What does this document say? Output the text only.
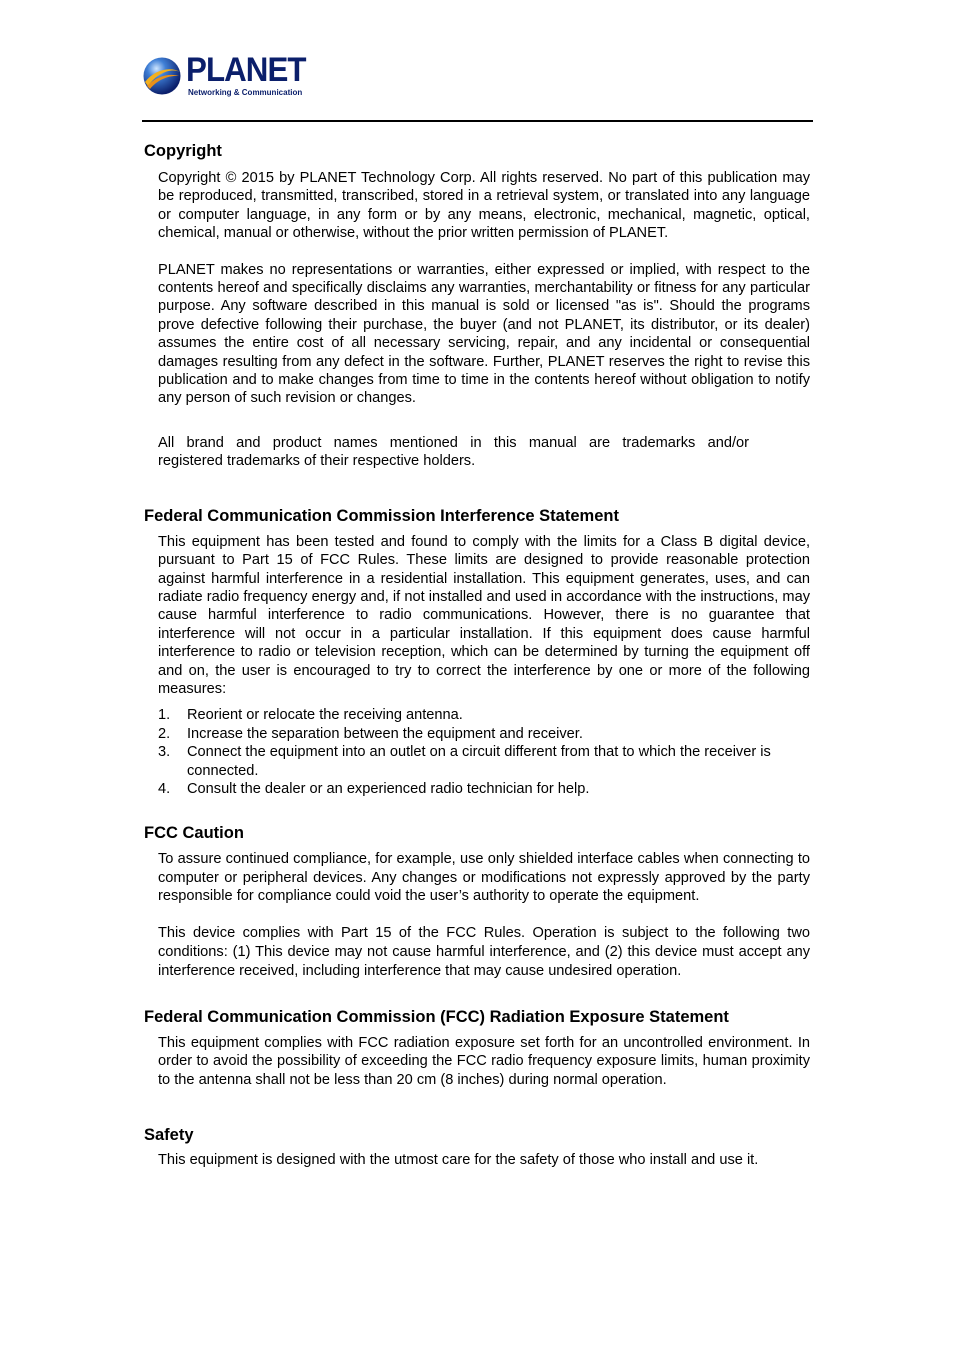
PLANET
Networking & Communication
Copyright

Copyright © 2015 by PLANET Technology Corp. All rights reserved. No part of this publication may be reproduced, transmitted, transcribed, stored in a retrieval system, or translated into any language or computer language, in any form or by any means, electronic, mechanical, magnetic, optical, chemical, manual or otherwise, without the prior written permission of PLANET.

PLANET makes no representations or warranties, either expressed or implied, with respect to the contents hereof and specifically disclaims any warranties, merchantability or fitness for any particular purpose. Any software described in this manual is sold or licensed "as is". Should the programs prove defective following their purchase, the buyer (and not PLANET, its distributor, or its dealer) assumes the entire cost of all necessary servicing, repair, and any incidental or consequential damages resulting from any defect in the software. Further, PLANET reserves the right to revise this publication and to make changes from time to time in the contents hereof without obligation to notify any person of such revision or changes.

All brand and product names mentioned in this manual are trademarks and/or
registered trademarks of their respective holders.

Federal Communication Commission Interference Statement

This equipment has been tested and found to comply with the limits for a Class B digital device, pursuant to Part 15 of FCC Rules. These limits are designed to provide reasonable protection against harmful interference in a residential installation. This equipment generates, uses, and can radiate radio frequency energy and, if not installed and used in accordance with the instructions, may cause harmful interference to radio communications. However, there is no guarantee that interference will not occur in a particular installation. If this equipment does cause harmful interference to radio or television reception, which can be determined by turning the equipment off and on, the user is encouraged to try to correct the interference by one or more of the following measures:

1. Reorient or relocate the receiving antenna.
2. Increase the separation between the equipment and receiver.
3. Connect the equipment into an outlet on a circuit different from that to which the receiver is connected.
4. Consult the dealer or an experienced radio technician for help.
FCC Caution

To assure continued compliance, for example, use only shielded interface cables when connecting to computer or peripheral devices. Any changes or modifications not expressly approved by the party responsible for compliance could void the user’s authority to operate the equipment.

This device complies with Part 15 of the FCC Rules. Operation is subject to the following two conditions: (1) This device may not cause harmful interference, and (2) this device must accept any interference received, including interference that may cause undesired operation.

Federal Communication Commission (FCC) Radiation Exposure Statement

This equipment complies with FCC radiation exposure set forth for an uncontrolled environment. In order to avoid the possibility of exceeding the FCC radio frequency exposure limits, human proximity to the antenna shall not be less than 20 cm (8 inches) during normal operation.

Safety

This equipment is designed with the utmost care for the safety of those who install and use it.
